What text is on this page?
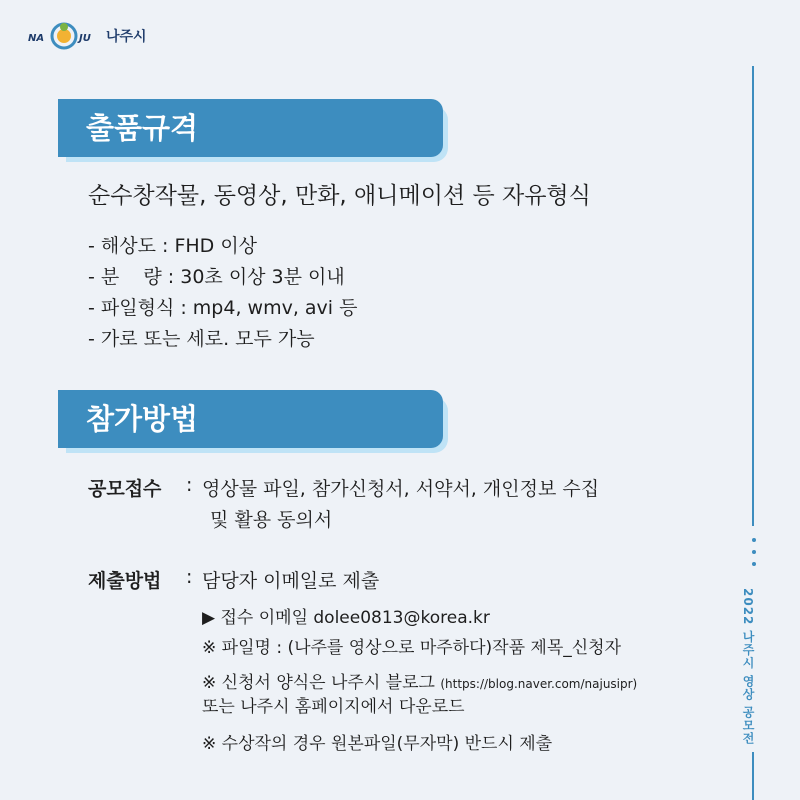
NA	JU 나주시
출품규격
순수창작물, 동영상, 만화, 애니메이션 등 자유형식
- 해상도 : FHD 이상
- 분    량 : 30초 이상 3분 이내
- 파일형식 : mp4, wmv, avi 등
- 가로 또는 세로. 모두 가능
참가방법
공모접수 : 영상물 파일, 참가신청서, 서약서, 개인정보 수집
및 활용 동의서
제출방법 : 담당자 이메일로 제출
▶ 접수 이메일 dolee0813@korea.kr
※ 파일명 : (나주를 영상으로 마주하다)작품 제목_신청자
※ 신청서 양식은 나주시 블로그 (https://blog.naver.com/najusipr)
또는 나주시 홈페이지에서 다운로드
※ 수상작의 경우 원본파일(무자막) 반드시 제출	2022 나주시 영상 공모전
